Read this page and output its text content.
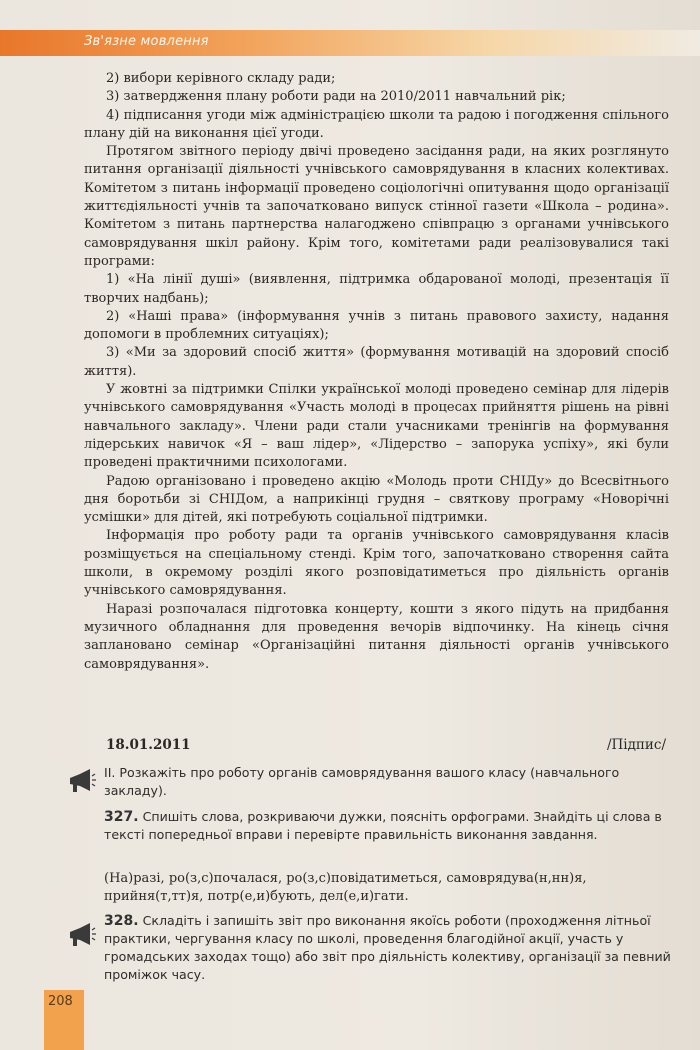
Зв'язне мовлення

2) вибори керівного складу ради;

3) затвердження плану роботи ради на 2010/2011 навчальний рік;

4) підписання угоди між адміністрацією школи та радою і погодження спільного плану дій на виконання цієї угоди.

Протягом звітного періоду двічі проведено засідання ради, на яких розглянуто питання організації діяльності учнівського самоврядування в класних колективах. Комітетом з питань інформації проведено соціологічні опитування щодо організації життєдіяльності учнів та започатковано випуск стінної газети «Школа – родина». Комітетом з питань партнерства налагоджено співпрацю з органами учнівського самоврядування шкіл району. Крім того, комітетами ради реалізовувалися такі програми:

1) «На лінії душі» (виявлення, підтримка обдарованої молоді, презентація її творчих надбань);

2) «Наші права» (інформування учнів з питань правового захисту, надання допомоги в проблемних ситуаціях);

3) «Ми за здоровий спосіб життя» (формування мотивацій на здоровий спосіб життя).

У жовтні за підтримки Спілки української молоді проведено семінар для лідерів учнівського самоврядування «Участь молоді в процесах прийняття рішень на рівні навчального закладу». Члени ради стали учасниками тренінгів на формування лідерських навичок «Я – ваш лідер», «Лідерство – запорука успіху», які були проведені практичними психологами.

Радою організовано і проведено акцію «Молодь проти СНІДу» до Всесвітнього дня боротьби зі СНІДом, а наприкінці грудня – святкову програму «Новорічні усмішки» для дітей, які потребують соціальної підтримки.

Інформація про роботу ради та органів учнівського самоврядування класів розміщується на спеціальному стенді. Крім того, започатковано створення сайта школи, в окремому розділі якого розповідатиметься про діяльність органів учнівського самоврядування.

Наразі розпочалася підготовка концерту, кошти з якого підуть на придбання музичного обладнання для проведення вечорів відпочинку. На кінець січня заплановано семінар «Організаційні питання діяльності органів учнівського самоврядування».

18.01.2011	/Підпис/
II. Розкажіть про роботу органів самоврядування вашого класу (навчального закладу).
327. Спишіть слова, розкриваючи дужки, поясніть орфограми. Знайдіть ці слова в тексті попередньої вправи і перевірте правильність виконання завдання.
(На)разі, ро(з,с)почалася, ро(з,с)повідатиметься, самоврядува(н,нн)я, прийня(т,тт)я, потр(е,и)бують, дел(е,и)гати.
328. Складіть і запишіть звіт про виконання якоїсь роботи (проходження літньої практики, чергування класу по школі, проведення благодійної акції, участь у громадських заходах тощо) або звіт про діяльність колективу, організації за певний проміжок часу.
208
